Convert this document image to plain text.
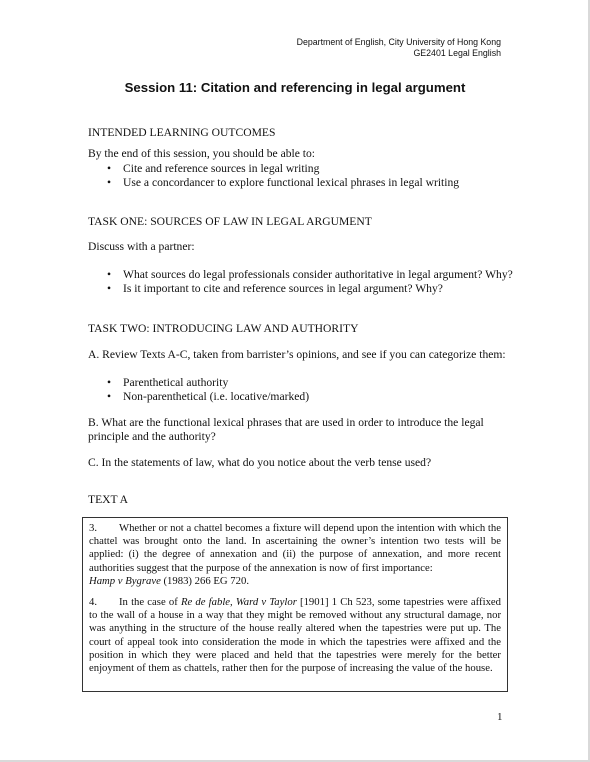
Department of English, City University of Hong Kong
GE2401 Legal English
Session 11: Citation and referencing in legal argument
INTENDED LEARNING OUTCOMES
By the end of this session, you should be able to:
• Cite and reference sources in legal writing
• Use a concordancer to explore functional lexical phrases in legal writing
TASK ONE: SOURCES OF LAW IN LEGAL ARGUMENT
Discuss with a partner:
• What sources do legal professionals consider authoritative in legal argument? Why?
• Is it important to cite and reference sources in legal argument? Why?
TASK TWO: INTRODUCING LAW AND AUTHORITY
A. Review Texts A-C, taken from barrister’s opinions, and see if you can categorize them:
• Parenthetical authority
• Non-parenthetical (i.e. locative/marked)
B. What are the functional lexical phrases that are used in order to introduce the legal principle and the authority?
C. In the statements of law, what do you notice about the verb tense used?
TEXT A

3. Whether or not a chattel becomes a fixture will depend upon the intention with which the chattel was brought onto the land. In ascertaining the owner’s intention two tests will be applied: (i) the degree of annexation and (ii) the purpose of annexation, and more recent authorities suggest that the purpose of the annexation is now of first importance:
Hamp v Bygrave (1983) 266 EG 720.

4. In the case of Re de fable, Ward v Taylor [1901] 1 Ch 523, some tapestries were affixed to the wall of a house in a way that they might be removed without any structural damage, nor was anything in the structure of the house really altered when the tapestries were put up. The court of appeal took into consideration the mode in which the tapestries were affixed and the position in which they were placed and held that the tapestries were merely for the better enjoyment of them as chattels, rather then for the purpose of increasing the value of the house.

1
